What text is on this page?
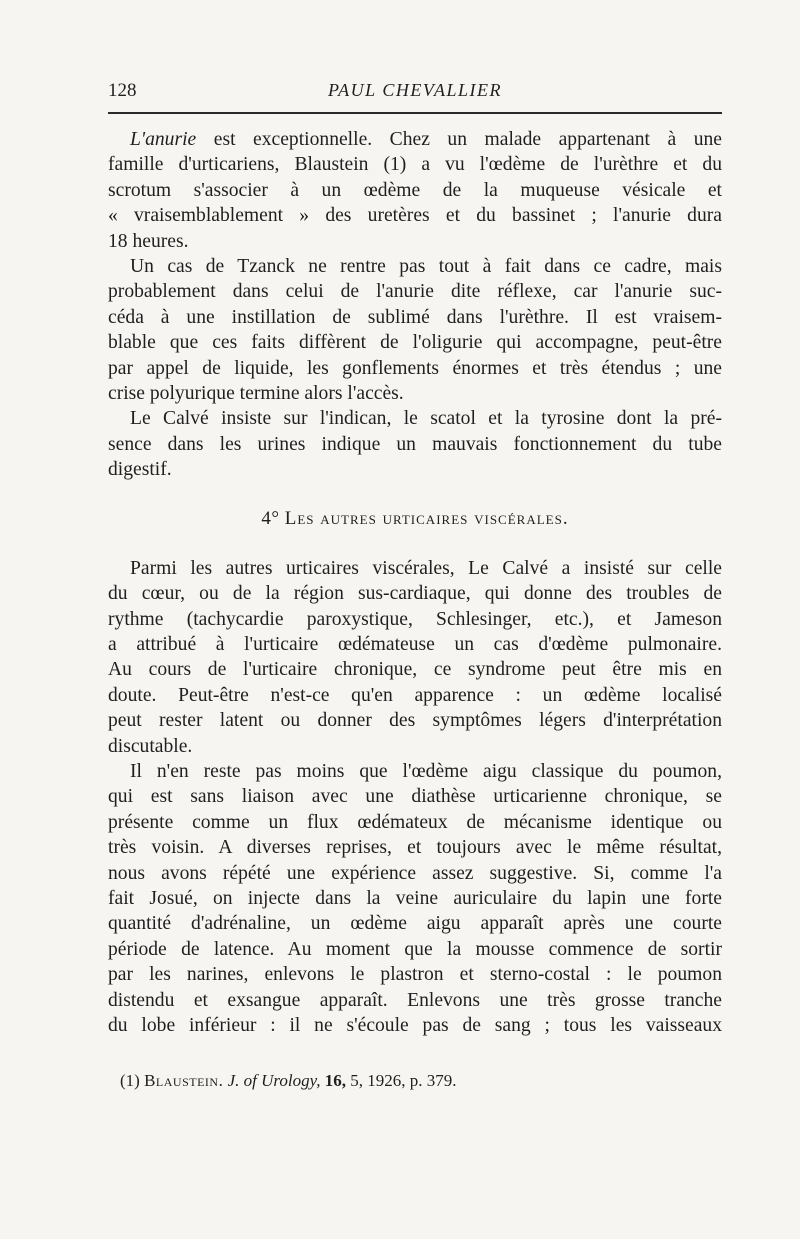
128	PAUL CHEVALLIER
L'anurie est exceptionnelle. Chez un malade appartenant à une
famille d'urticariens, Blaustein (1) a vu l'œdème de l'urèthre et du
scrotum s'associer à un œdème de la muqueuse vésicale et
« vraisemblablement » des uretères et du bassinet ; l'anurie dura
18 heures.
Un cas de Tzanck ne rentre pas tout à fait dans ce cadre, mais
probablement dans celui de l'anurie dite réflexe, car l'anurie suc-
céda à une instillation de sublimé dans l'urèthre. Il est vraisem-
blable que ces faits diffèrent de l'oligurie qui accompagne, peut-être
par appel de liquide, les gonflements énormes et très étendus ; une
crise polyurique termine alors l'accès.
Le Calvé insiste sur l'indican, le scatol et la tyrosine dont la pré-
sence dans les urines indique un mauvais fonctionnement du tube
digestif.
4° Les autres urticaires viscérales.
Parmi les autres urticaires viscérales, Le Calvé a insisté sur celle
du cœur, ou de la région sus-cardiaque, qui donne des troubles de
rythme (tachycardie paroxystique, Schlesinger, etc.), et Jameson
a attribué à l'urticaire œdémateuse un cas d'œdème pulmonaire.
Au cours de l'urticaire chronique, ce syndrome peut être mis en
doute. Peut-être n'est-ce qu'en apparence : un œdème localisé
peut rester latent ou donner des symptômes légers d'interprétation
discutable.
Il n'en reste pas moins que l'œdème aigu classique du poumon,
qui est sans liaison avec une diathèse urticarienne chronique, se
présente comme un flux œdémateux de mécanisme identique ou
très voisin. A diverses reprises, et toujours avec le même résultat,
nous avons répété une expérience assez suggestive. Si, comme l'a
fait Josué, on injecte dans la veine auriculaire du lapin une forte
quantité d'adrénaline, un œdème aigu apparaît après une courte
période de latence. Au moment que la mousse commence de sortir
par les narines, enlevons le plastron et sterno-costal : le poumon
distendu et exsangue apparaît. Enlevons une très grosse tranche
du lobe inférieur : il ne s'écoule pas de sang ; tous les vaisseaux
(1) Blaustein. J. of Urology, 16, 5, 1926, p. 379.
